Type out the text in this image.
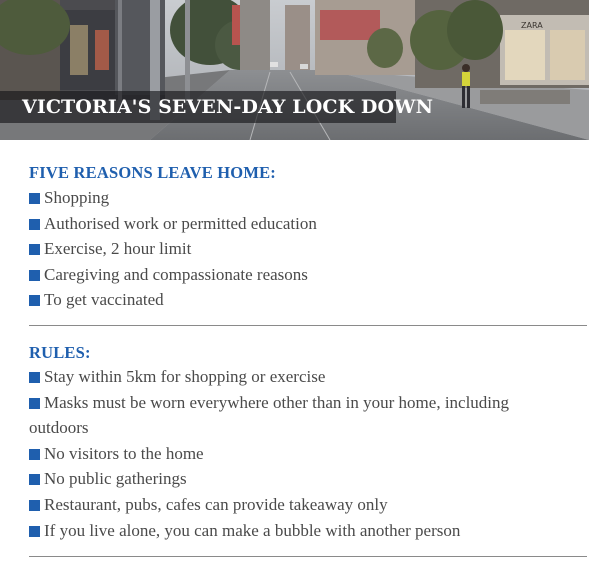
ZARA
VICTORIA'S SEVEN-DAY LOCK DOWN
FIVE REASONS LEAVE HOME:
Shopping
Authorised work or permitted education
Exercise, 2 hour limit
Caregiving and compassionate reasons
To get vaccinated
RULES:
Stay within 5km for shopping or exercise
Masks must be worn everywhere other than in your home, including outdoors
No visitors to the home
No public gatherings
Restaurant, pubs, cafes can provide takeaway only
If you live alone, you can make a bubble with another person
